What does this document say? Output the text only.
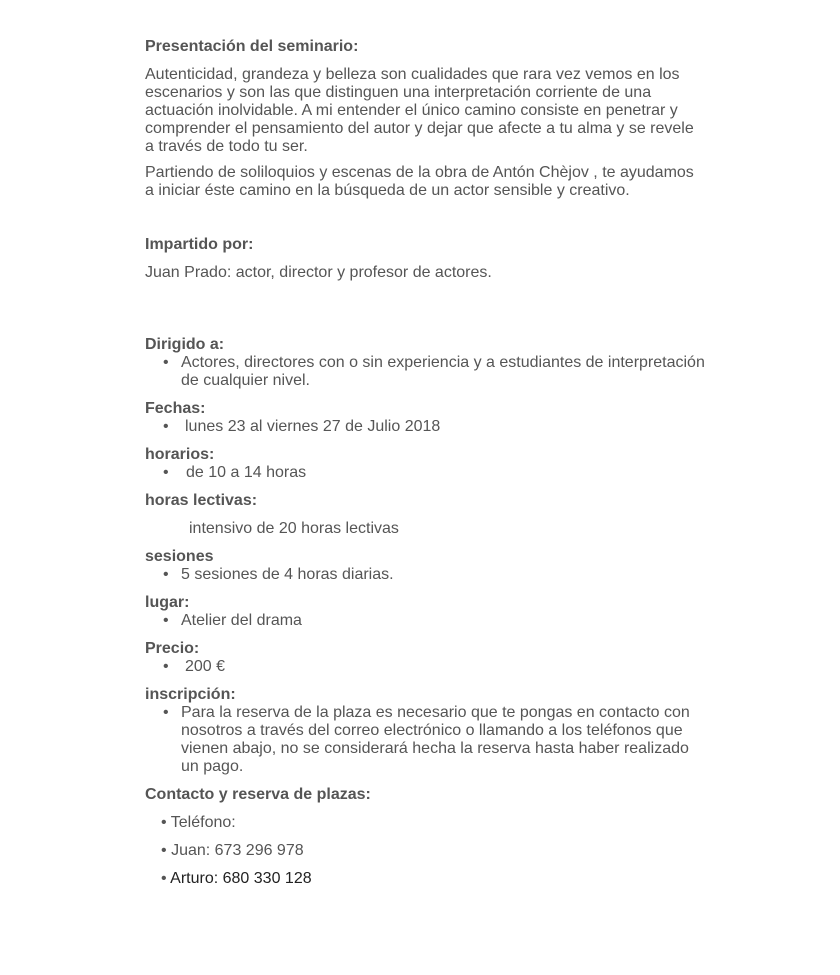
Presentación del seminario:

Autenticidad, grandeza y belleza son cualidades que rara vez vemos en los escenarios y son las que distinguen una interpretación corriente de una actuación inolvidable. A mi entender el único camino consiste en penetrar y comprender el pensamiento del autor y dejar que afecte a tu alma y se revele a través de todo tu ser.

Partiendo de soliloquios y escenas de la obra de Antón Chèjov , te ayudamos a iniciar éste camino en la búsqueda de un actor sensible y creativo.

Impartido por:

Juan Prado: actor, director y profesor de actores.

Dirigido a:

• Actores, directores con o sin experiencia y a estudiantes de interpretación de cualquier nivel.

Fechas:

• lunes 23 al viernes 27 de Julio 2018

horarios:

• de 10 a 14 horas

horas lectivas:

intensivo de 20 horas lectivas

sesiones

• 5 sesiones de 4 horas diarias.

lugar:

• Atelier del drama

Precio:

• 200 €

inscripción:

• Para la reserva de la plaza es necesario que te pongas en contacto con nosotros a través del correo electrónico o llamando a los teléfonos que vienen abajo, no se considerará hecha la reserva hasta haber realizado un pago.

Contacto y reserva de plazas:

• Teléfono:
• Juan: 673 296 978
• Arturo: 680 330 128
